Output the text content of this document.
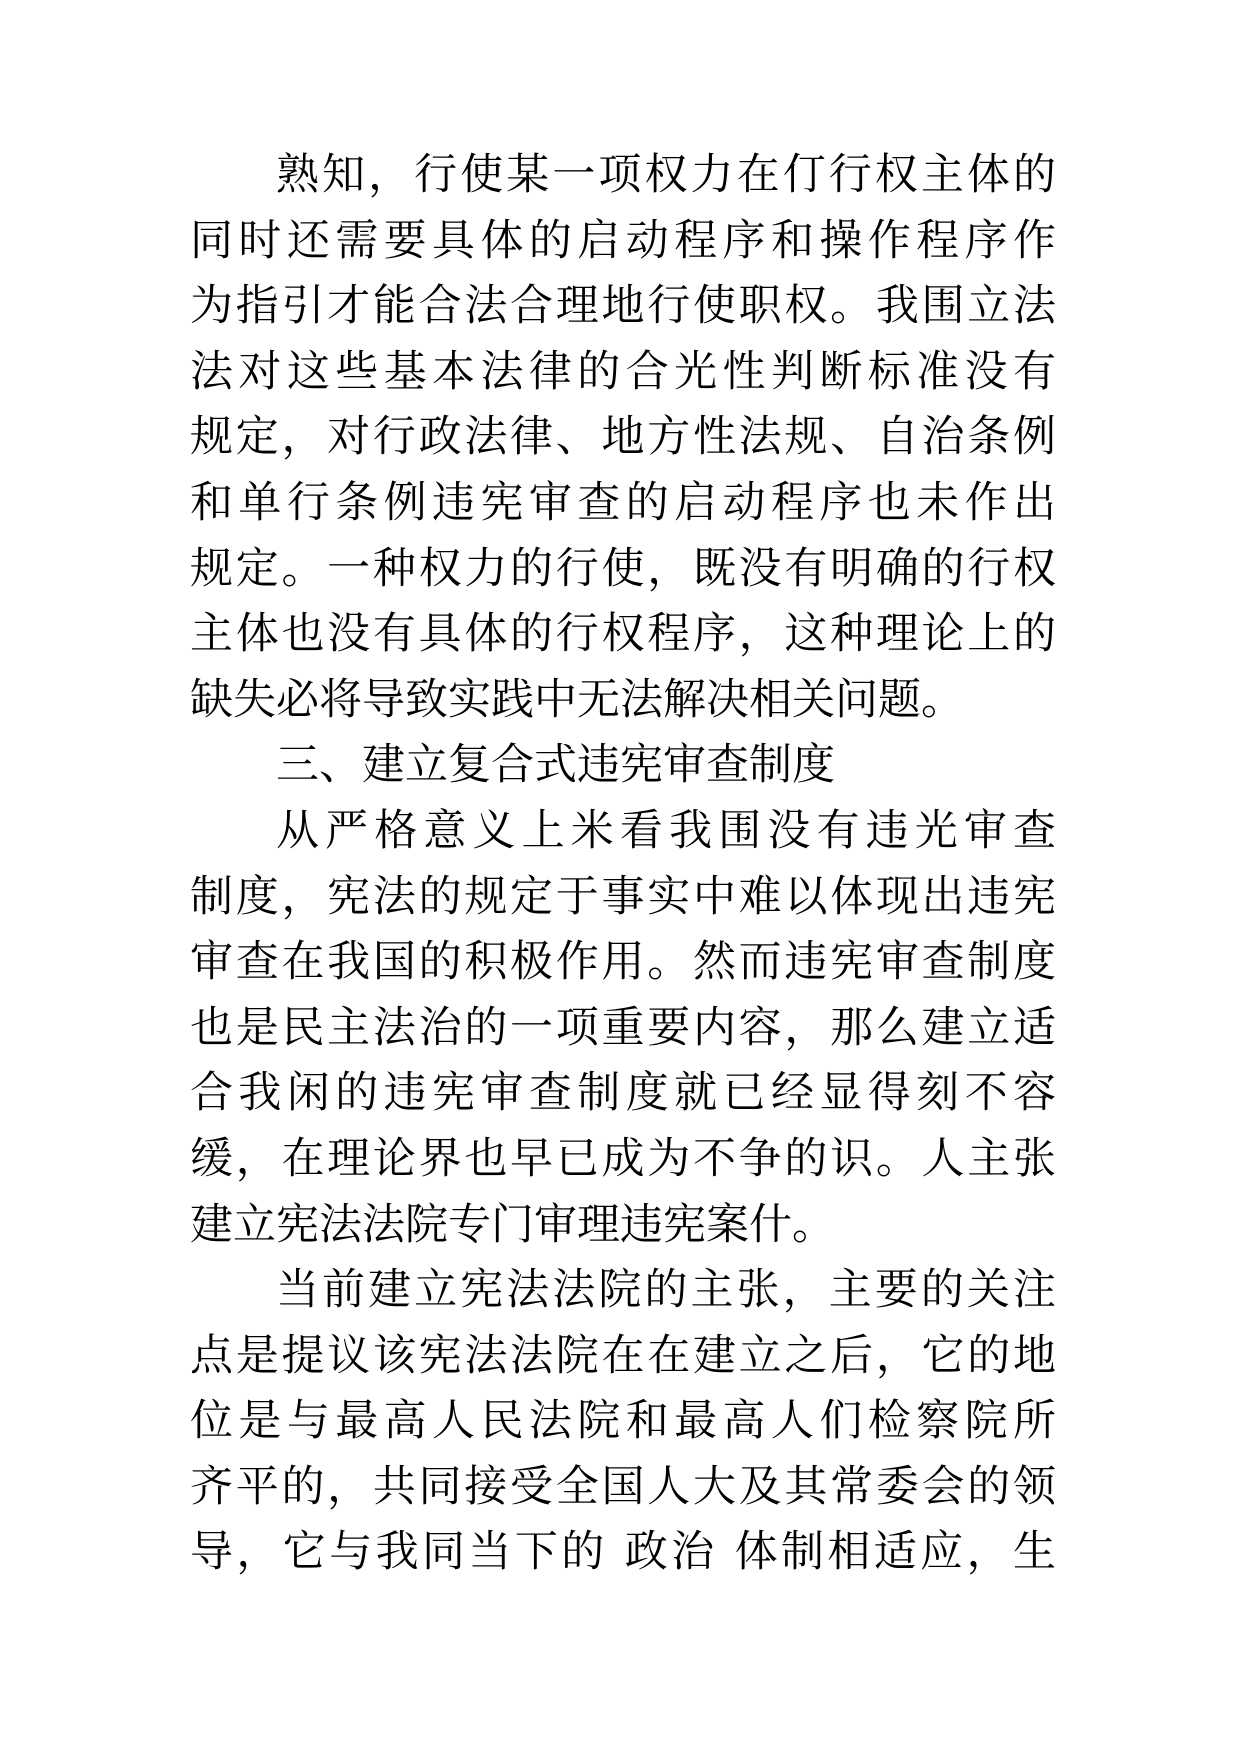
熟知，行使某一项权力在仃行权主体的
同时还需要具体的启动程序和操作程序作
为指引才能合法合理地行使职权。我围立法
法对这些基本法律的合光性判断标准没有
规定，对行政法律、地方性法规、自治条例
和单行条例违宪审查的启动程序也未作出
规定。一种权力的行使，既没有明确的行权
主体也没有具体的行权程序，这种理论上的
缺失必将导致实践中无法解决相关问题。

三、建立复合式违宪审查制度

从严格意义上米看我围没有违光审查
制度，宪法的规定于事实中难以体现出违宪
审查在我国的积极作用。然而违宪审查制度
也是民主法治的一项重要内容，那么建立适
合我闲的违宪审查制度就已经显得刻不容
缓，在理论界也早已成为不争的识。人主张
建立宪法法院专门审理违宪案什。

当前建立宪法法院的主张，主要的关注
点是提议该宪法法院在在建立之后，它的地
位是与最高人民法院和最高人们检察院所
齐平的，共同接受全国人大及其常委会的领
导，它与我同当下的 政治 体制相适应，生
